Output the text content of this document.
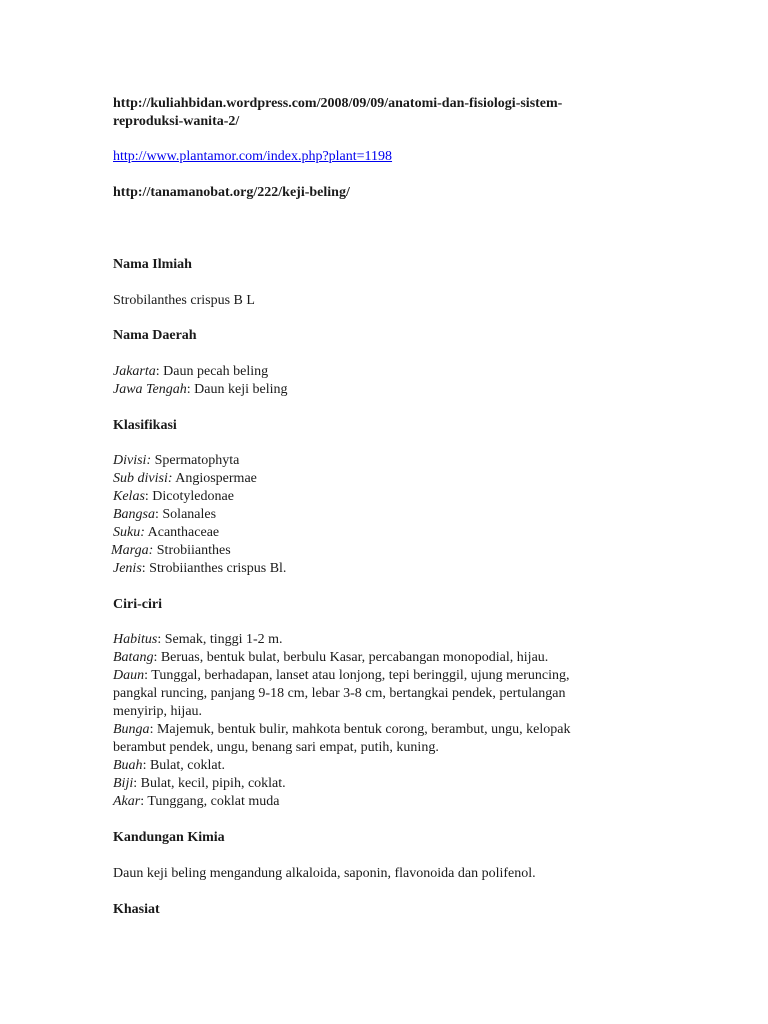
http://kuliahbidan.wordpress.com/2008/09/09/anatomi-dan-fisiologi-sistem-
reproduksi-wanita-2/
http://www.plantamor.com/index.php?plant=1198
http://tanamanobat.org/222/keji-beling/
Nama Ilmiah
Strobilanthes crispus B L
Nama Daerah
Jakarta: Daun pecah beling
Jawa Tengah: Daun keji beling
Klasifikasi
Divisi: Spermatophyta
Sub divisi: Angiospermae
Kelas: Dicotyledonae
Bangsa: Solanales
Suku: Acanthaceae
Marga: Strobiianthes
Jenis: Strobiianthes crispus Bl.
Ciri-ciri
Habitus: Semak, tinggi 1-2 m.
Batang: Beruas, bentuk bulat, berbulu Kasar, percabangan monopodial, hijau.
Daun: Tunggal, berhadapan, lanset atau lonjong, tepi beringgil, ujung meruncing,
pangkal runcing, panjang 9-18 cm, lebar 3-8 cm, bertangkai pendek, pertulangan
menyirip, hijau.
Bunga: Majemuk, bentuk bulir, mahkota bentuk corong, berambut, ungu, kelopak
berambut pendek, ungu, benang sari empat, putih, kuning.
Buah: Bulat, coklat.
Biji: Bulat, kecil, pipih, coklat.
Akar: Tunggang, coklat muda
Kandungan Kimia
Daun keji beling mengandung alkaloida, saponin, flavonoida dan polifenol.
Khasiat
